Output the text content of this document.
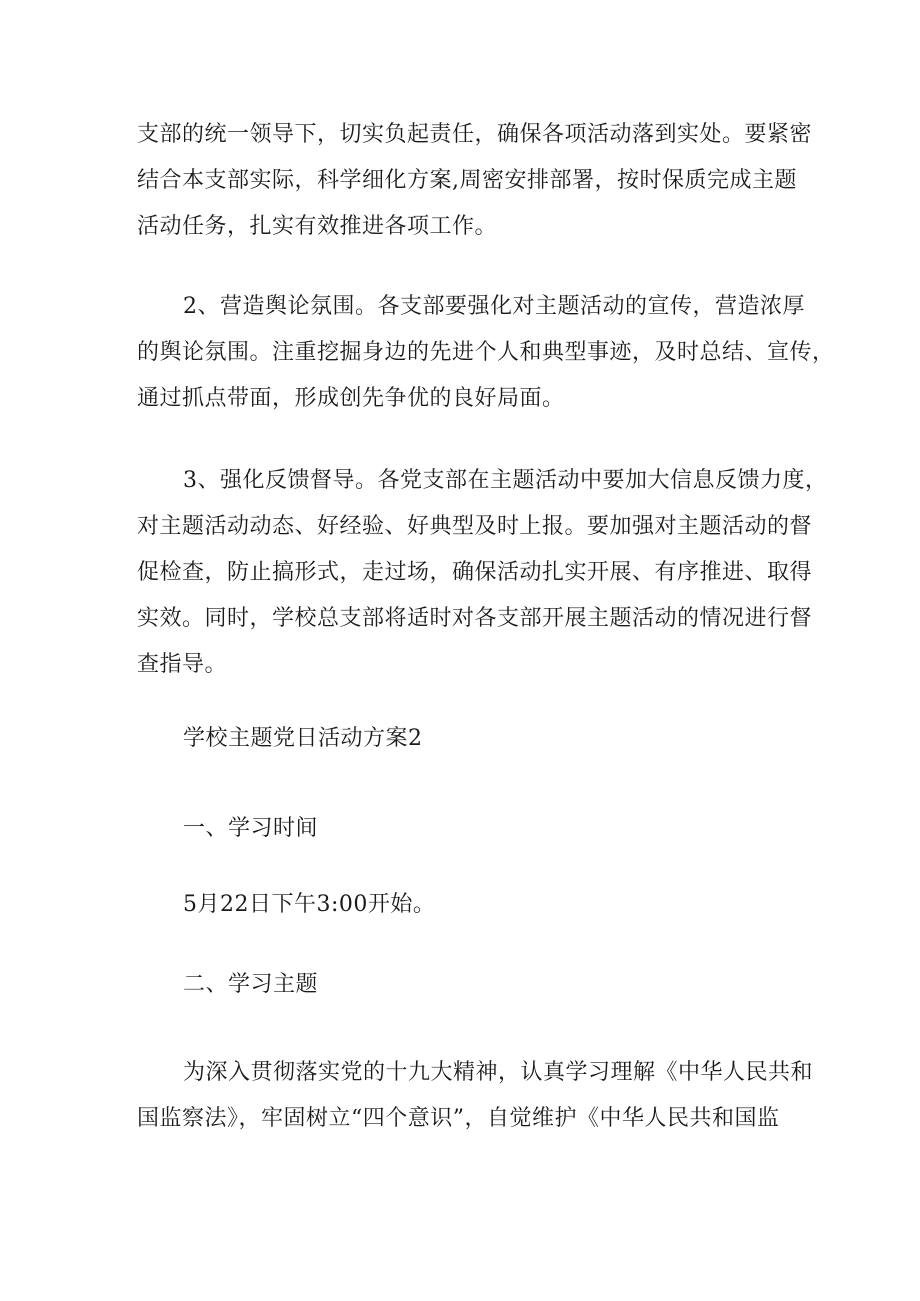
支部的统一领导下，切实负起责任，确保各项活动落到实处。要紧密
结合本支部实际，科学细化方案,周密安排部署，按时保质完成主题
活动任务，扎实有效推进各项工作。
2、营造舆论氛围。各支部要强化对主题活动的宣传，营造浓厚
的舆论氛围。注重挖掘身边的先进个人和典型事迹，及时总结、宣传，
通过抓点带面，形成创先争优的良好局面。
3、强化反馈督导。各党支部在主题活动中要加大信息反馈力度，
对主题活动动态、好经验、好典型及时上报。要加强对主题活动的督
促检查，防止搞形式，走过场，确保活动扎实开展、有序推进、取得
实效。同时，学校总支部将适时对各支部开展主题活动的情况进行督
查指导。
学校主题党日活动方案2
一、学习时间
5月22日下午3:00开始。
二、学习主题
为深入贯彻落实党的十九大精神，认真学习理解《中华人民共和
国监察法》，牢固树立“四个意识”，自觉维护《中华人民共和国监
